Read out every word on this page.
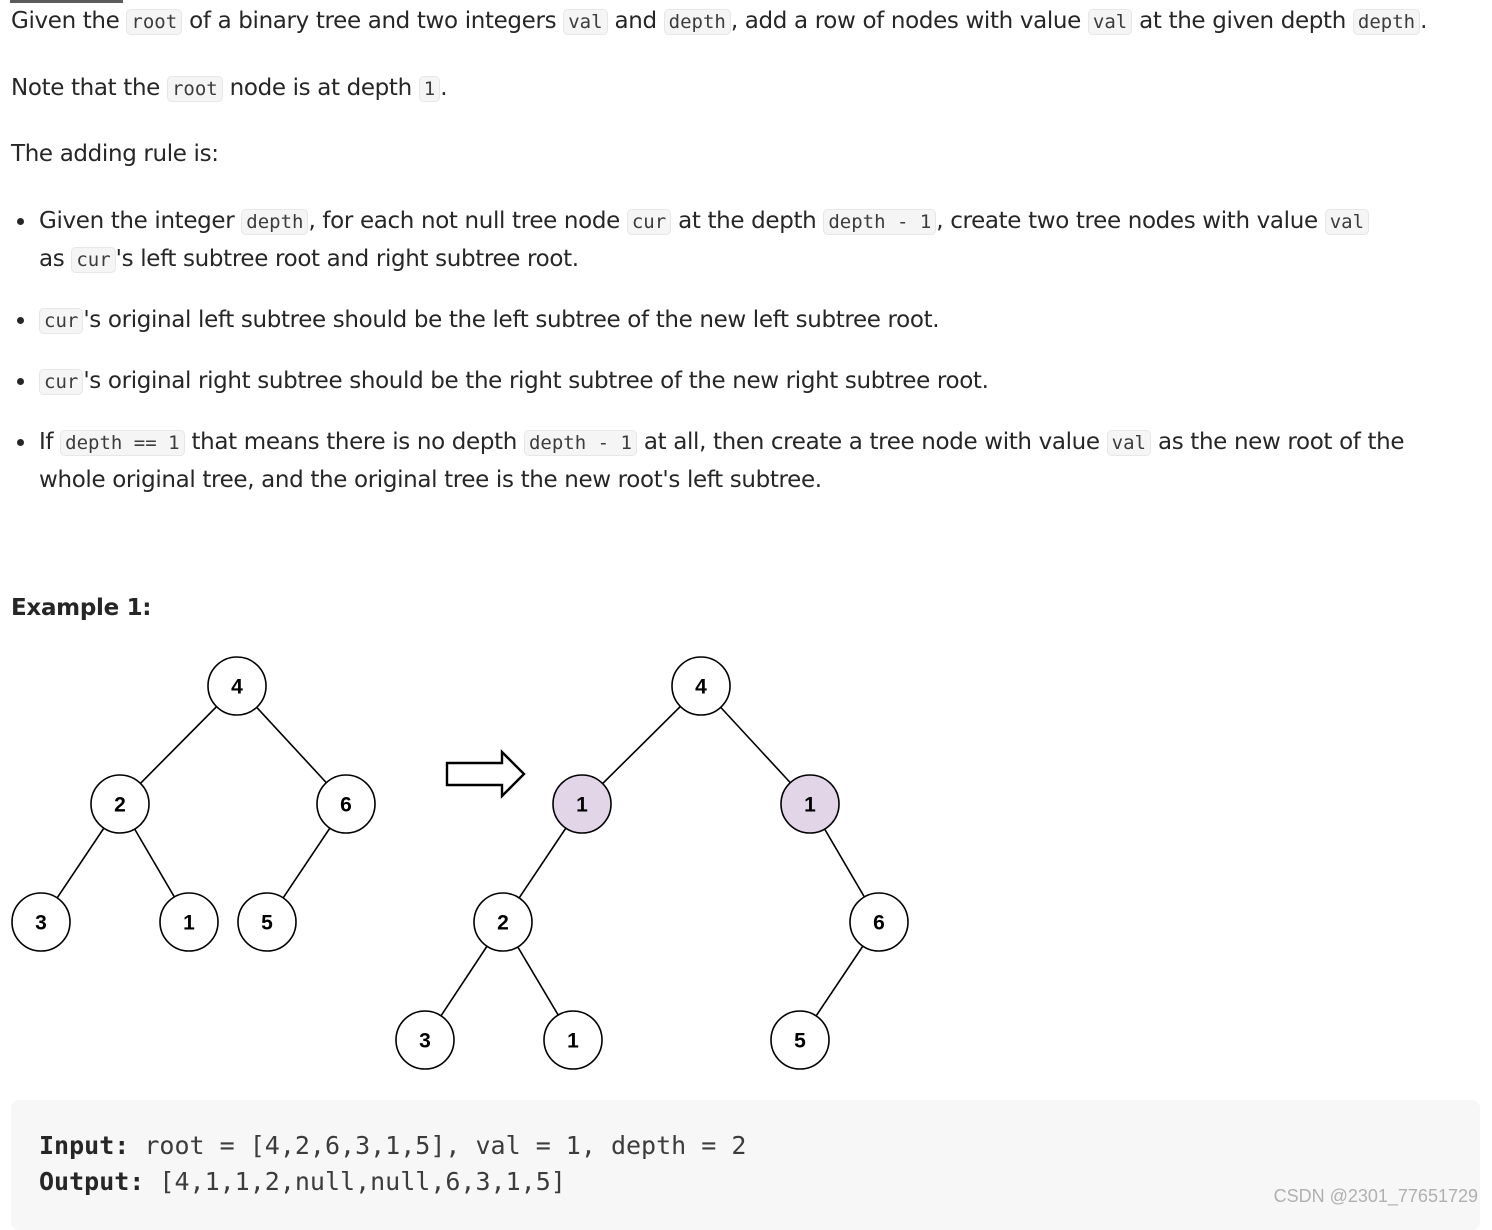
Given the root of a binary tree and two integers val and depth , add a row of nodes with value val at the given depth depth .

Note that the root node is at depth 1 .

The adding rule is:

Given the integer depth , for each not null tree node cur at the depth depth - 1 , create two tree nodes with value val
as cur 's left subtree root and right subtree root.
cur 's original left subtree should be the left subtree of the new left subtree root.
cur 's original right subtree should be the right subtree of the new right subtree root.
If depth == 1 that means there is no depth depth - 1 at all, then create a tree node with value val as the new root of the whole original tree, and the original tree is the new root's left subtree.

Example 1:

4
2	6
3	1	5
4
1	1
2	6
3	1	5
Input: root = [4,2,6,3,1,5], val = 1, depth = 2
Output: [4,1,1,2,null,null,6,3,1,5]	CSDN @2301_77651729
